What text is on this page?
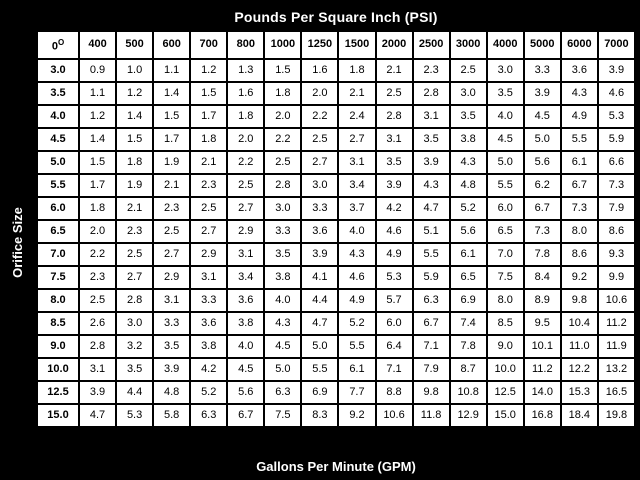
Pounds Per Square Inch (PSI)
Orifice Size
$0^O$	400	500	600	700	800	1000	1250	1500	2000	2500	3000	4000	5000	6000	7000
3.0	0.9	1.0	1.1	1.2	1.3	1.5	1.6	1.8	2.1	2.3	2.5	3.0	3.3	3.6	3.9
3.5	1.1	1.2	1.4	1.5	1.6	1.8	2.0	2.1	2.5	2.8	3.0	3.5	3.9	4.3	4.6
4.0	1.2	1.4	1.5	1.7	1.8	2.0	2.2	2.4	2.8	3.1	3.5	4.0	4.5	4.9	5.3
4.5	1.4	1.5	1.7	1.8	2.0	2.2	2.5	2.7	3.1	3.5	3.8	4.5	5.0	5.5	5.9
5.0	1.5	1.8	1.9	2.1	2.2	2.5	2.7	3.1	3.5	3.9	4.3	5.0	5.6	6.1	6.6
5.5	1.7	1.9	2.1	2.3	2.5	2.8	3.0	3.4	3.9	4.3	4.8	5.5	6.2	6.7	7.3
6.0	1.8	2.1	2.3	2.5	2.7	3.0	3.3	3.7	4.2	4.7	5.2	6.0	6.7	7.3	7.9
6.5	2.0	2.3	2.5	2.7	2.9	3.3	3.6	4.0	4.6	5.1	5.6	6.5	7.3	8.0	8.6
7.0	2.2	2.5	2.7	2.9	3.1	3.5	3.9	4.3	4.9	5.5	6.1	7.0	7.8	8.6	9.3
7.5	2.3	2.7	2.9	3.1	3.4	3.8	4.1	4.6	5.3	5.9	6.5	7.5	8.4	9.2	9.9
8.0	2.5	2.8	3.1	3.3	3.6	4.0	4.4	4.9	5.7	6.3	6.9	8.0	8.9	9.8	10.6
8.5	2.6	3.0	3.3	3.6	3.8	4.3	4.7	5.2	6.0	6.7	7.4	8.5	9.5	10.4	11.2
9.0	2.8	3.2	3.5	3.8	4.0	4.5	5.0	5.5	6.4	7.1	7.8	9.0	10.1	11.0	11.9
10.0	3.1	3.5	3.9	4.2	4.5	5.0	5.5	6.1	7.1	7.9	8.7	10.0	11.2	12.2	13.2
12.5	3.9	4.4	4.8	5.2	5.6	6.3	6.9	7.7	8.8	9.8	10.8	12.5	14.0	15.3	16.5
15.0	4.7	5.3	5.8	6.3	6.7	7.5	8.3	9.2	10.6	11.8	12.9	15.0	16.8	18.4	19.8
Gallons Per Minute (GPM)
